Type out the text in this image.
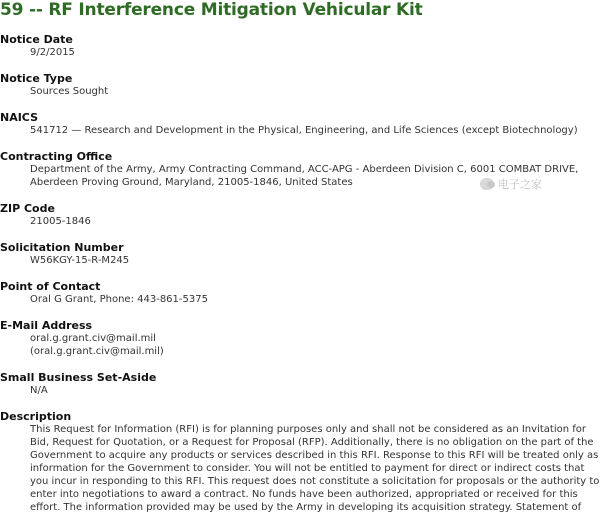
59 -- RF Interference Mitigation Vehicular Kit
Notice Date
9/2/2015
Notice Type
Sources Sought
NAICS
541712 — Research and Development in the Physical, Engineering, and Life Sciences (except Biotechnology)
Contracting Office
Department of the Army, Army Contracting Command, ACC-APG - Aberdeen Division C, 6001 COMBAT DRIVE,
Aberdeen Proving Ground, Maryland, 21005-1846, United States
ZIP Code
21005-1846
Solicitation Number
W56KGY-15-R-M245
Point of Contact
Oral G Grant, Phone: 443-861-5375
E-Mail Address
oral.g.grant.civ@mail.mil
(oral.g.grant.civ@mail.mil)
Small Business Set-Aside
N/A
Description
This Request for Information (RFI) is for planning purposes only and shall not be considered as an Invitation for
Bid, Request for Quotation, or a Request for Proposal (RFP). Additionally, there is no obligation on the part of the
Government to acquire any products or services described in this RFI. Response to this RFI will be treated only as
information for the Government to consider. You will not be entitled to payment for direct or indirect costs that
you incur in responding to this RFI. This request does not constitute a solicitation for proposals or the authority to
enter into negotiations to award a contract. No funds have been authorized, appropriated or received for this
effort. The information provided may be used by the Army in developing its acquisition strategy. Statement of
电子之家
